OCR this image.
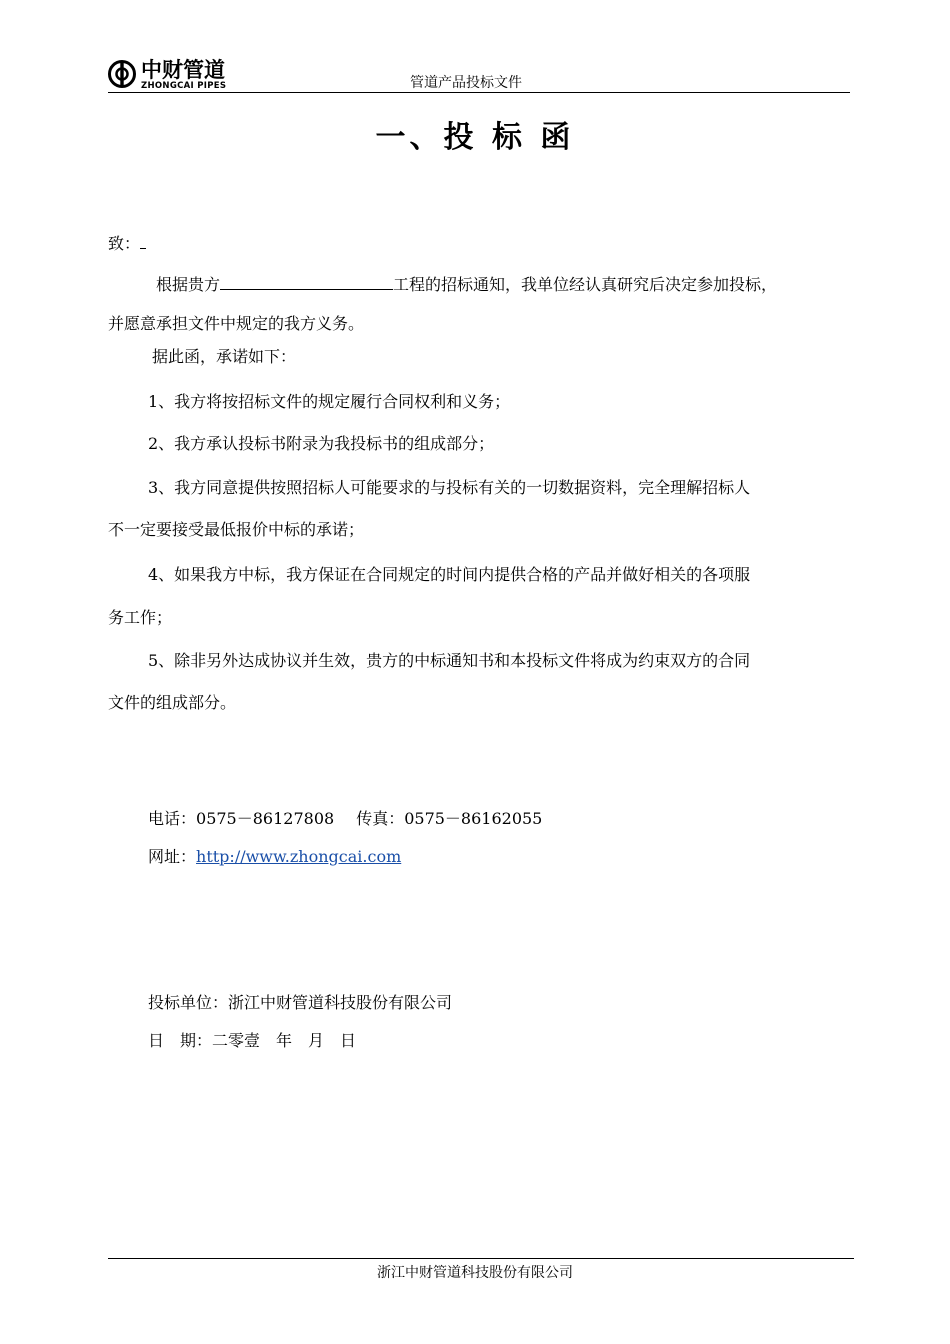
中财管道
ZHONGCAI PIPES	管道产品投标文件
一、投 标 函
致：
根据贵方	工程的招标通知，我单位经认真研究后决定参加投标，
并愿意承担文件中规定的我方义务。
据此函，承诺如下：
1、我方将按招标文件的规定履行合同权利和义务；
2、我方承认投标书附录为我投标书的组成部分；
3、我方同意提供按照招标人可能要求的与投标有关的一切数据资料，完全理解招标人
不一定要接受最低报价中标的承诺；
4、如果我方中标，我方保证在合同规定的时间内提供合格的产品并做好相关的各项服
务工作；
5、除非另外达成协议并生效，贵方的中标通知书和本投标文件将成为约束双方的合同
文件的组成部分。
电话：0575－86127808 传真：0575－86162055
网址：http://www.zhongcai.com
投标单位：浙江中财管道科技股份有限公司
日　期：二零壹　年　月　日
浙江中财管道科技股份有限公司
